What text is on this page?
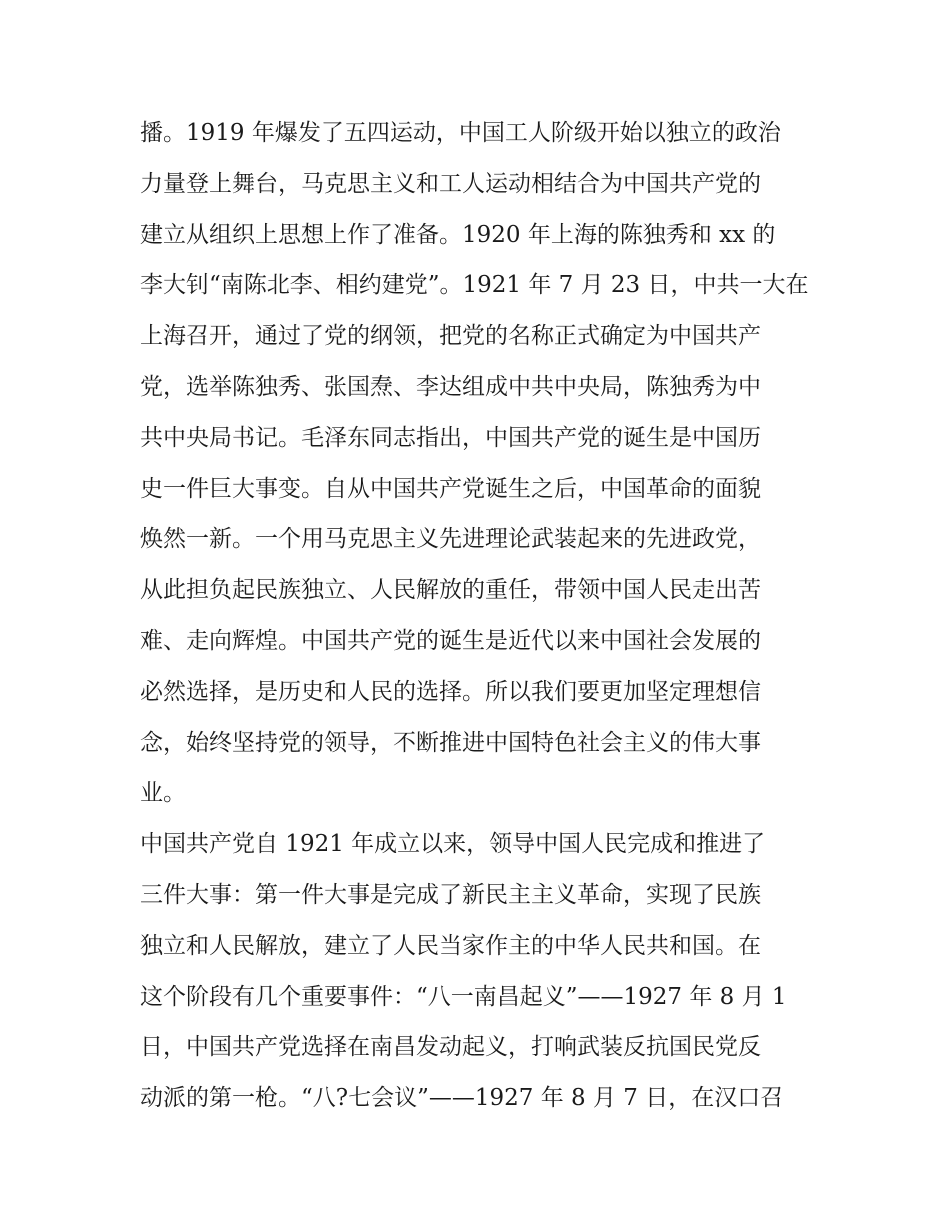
播。1919 年爆发了五四运动，中国工人阶级开始以独立的政治
力量登上舞台，马克思主义和工人运动相结合为中国共产党的
建立从组织上思想上作了准备。1920 年上海的陈独秀和 xx 的
李大钊“南陈北李、相约建党”。1921 年 7 月 23 日，中共一大在
上海召开，通过了党的纲领，把党的名称正式确定为中国共产
党，选举陈独秀、张国焘、李达组成中共中央局，陈独秀为中
共中央局书记。毛泽东同志指出，中国共产党的诞生是中国历
史一件巨大事变。自从中国共产党诞生之后，中国革命的面貌
焕然一新。一个用马克思主义先进理论武装起来的先进政党，
从此担负起民族独立、人民解放的重任，带领中国人民走出苦
难、走向辉煌。中国共产党的诞生是近代以来中国社会发展的
必然选择，是历史和人民的选择。所以我们要更加坚定理想信
念，始终坚持党的领导，不断推进中国特色社会主义的伟大事
业。
中国共产党自 1921 年成立以来，领导中国人民完成和推进了
三件大事：第一件大事是完成了新民主主义革命，实现了民族
独立和人民解放，建立了人民当家作主的中华人民共和国。在
这个阶段有几个重要事件：“八一南昌起义”——1927 年 8 月 1
日，中国共产党选择在南昌发动起义，打响武装反抗国民党反
动派的第一枪。“八?七会议”——1927 年 8 月 7 日，在汉口召
